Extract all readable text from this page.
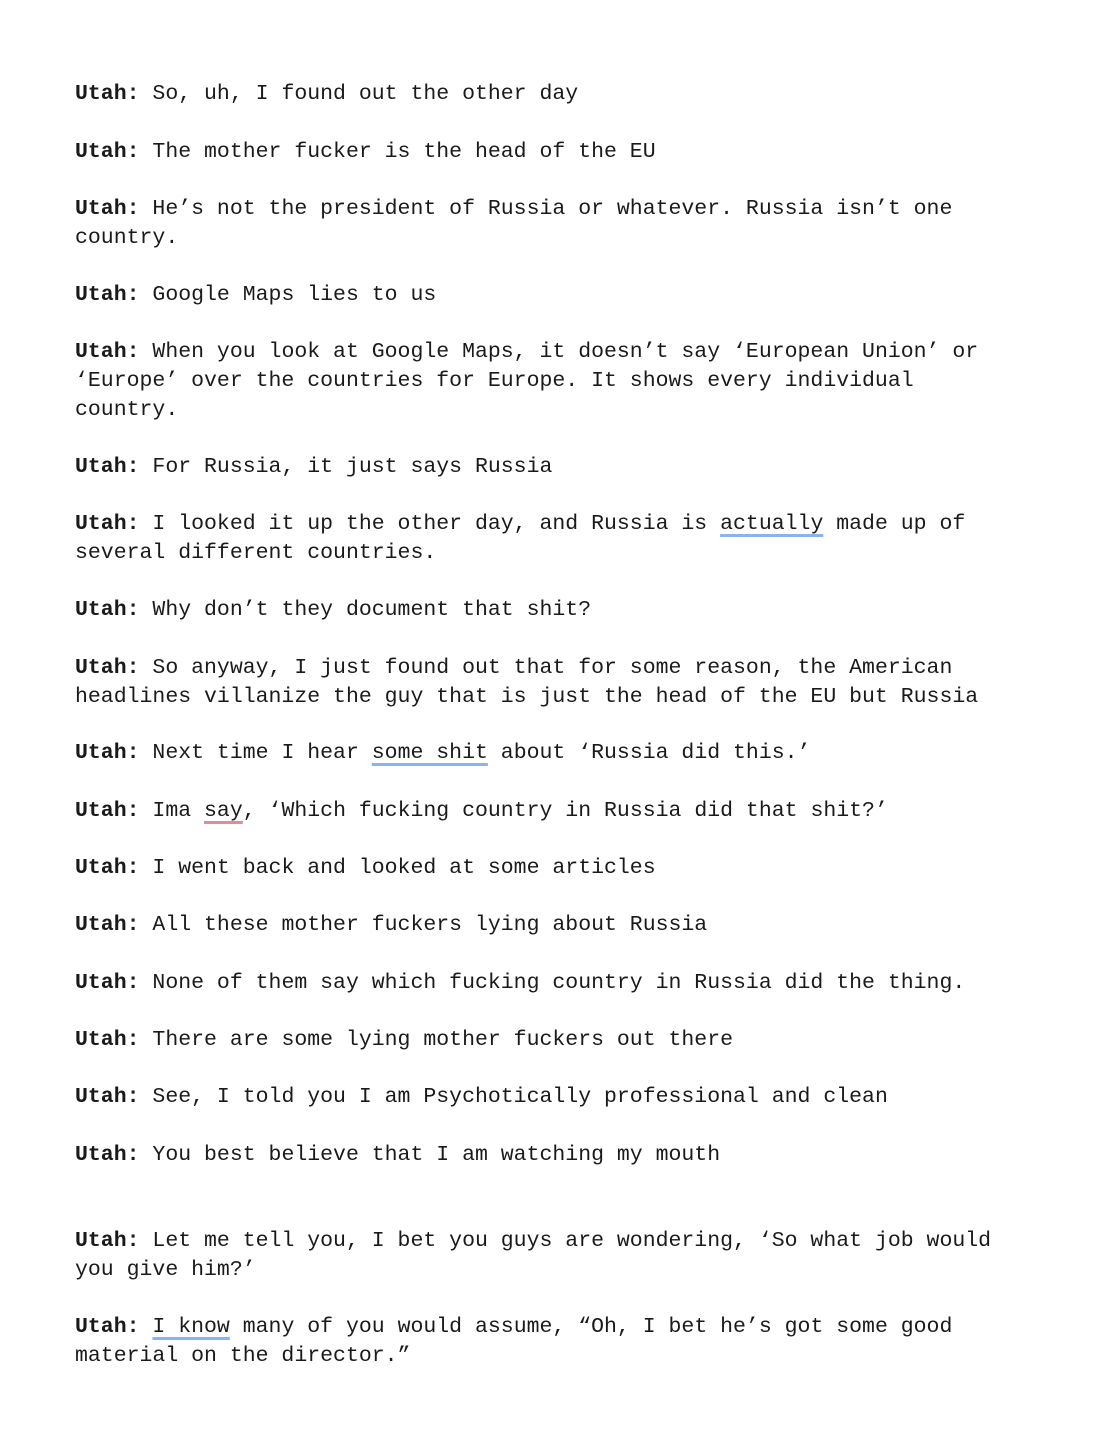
Utah: So, uh, I found out the other day

Utah: The mother fucker is the head of the EU

Utah: He’s not the president of Russia or whatever. Russia isn’t one country.

Utah: Google Maps lies to us

Utah: When you look at Google Maps, it doesn’t say ‘European Union’ or ‘Europe’ over the countries for Europe. It shows every individual country.

Utah: For Russia, it just says Russia

Utah: I looked it up the other day, and Russia is actually made up of several different countries.

Utah: Why don’t they document that shit?

Utah: So anyway, I just found out that for some reason, the American headlines villanize the guy that is just the head of the EU but Russia

Utah: Next time I hear some shit about ‘Russia did this.’

Utah: Ima say, ‘Which fucking country in Russia did that shit?’

Utah: I went back and looked at some articles

Utah: All these mother fuckers lying about Russia

Utah: None of them say which fucking country in Russia did the thing.

Utah: There are some lying mother fuckers out there

Utah: See, I told you I am Psychotically professional and clean

Utah: You best believe that I am watching my mouth

Utah: Let me tell you, I bet you guys are wondering, ‘So what job would you give him?’

Utah: I know many of you would assume, “Oh, I bet he’s got some good material on the director.”
